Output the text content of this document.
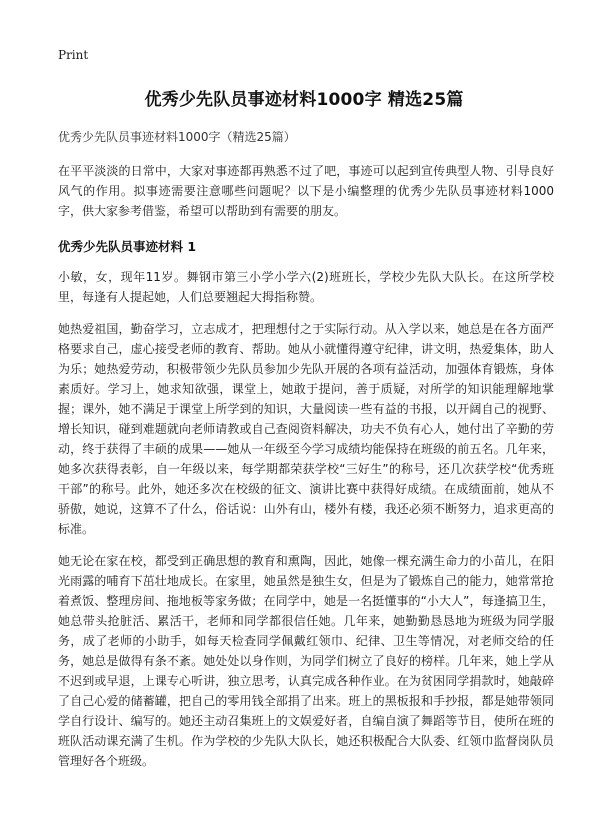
Print
优秀少先队员事迹材料1000字 精选25篇
优秀少先队员事迹材料1000字（精选25篇）

在平平淡淡的日常中，大家对事迹都再熟悉不过了吧，事迹可以起到宣传典型人物、引导良好风气的作用。拟事迹需要注意哪些问题呢？以下是小编整理的优秀少先队员事迹材料1000字，供大家参考借鉴，希望可以帮助到有需要的朋友。

优秀少先队员事迹材料 1

小敏，女，现年11岁。舞钢市第三小学小学六(2)班班长，学校少先队大队长。在这所学校里，每逢有人提起她，人们总要翘起大拇指称赞。

她热爱祖国，勤奋学习，立志成才，把理想付之于实际行动。从入学以来，她总是在各方面严格要求自己，虚心接受老师的教育、帮助。她从小就懂得遵守纪律，讲文明，热爱集体，助人为乐；她热爱劳动，积极带领少先队员参加少先队开展的各项有益活动，加强体育锻炼，身体素质好。学习上，她求知欲强，课堂上，她敢于提问，善于质疑，对所学的知识能理解地掌握；课外，她不满足于课堂上所学到的知识，大量阅读一些有益的书报，以开阔自己的视野、增长知识，碰到难题就向老师请教或自己查阅资料解决，功夫不负有心人，她付出了辛勤的劳动，终于获得了丰硕的成果——她从一年级至今学习成绩均能保持在班级的前五名。几年来，她多次获得表彰，自一年级以来，每学期都荣获学校“三好生”的称号，还几次获学校“优秀班干部”的称号。此外，她还多次在校级的征文、演讲比赛中获得好成绩。在成绩面前，她从不骄傲，她说，这算不了什么，俗话说：山外有山，楼外有楼，我还必须不断努力，追求更高的标准。

她无论在家在校，都受到正确思想的教育和熏陶，因此，她像一棵充满生命力的小苗儿，在阳光雨露的哺育下茁壮地成长。在家里，她虽然是独生女，但是为了锻炼自己的能力，她常常抢着煮饭、整理房间、拖地板等家务做；在同学中，她是一名挺懂事的“小大人”，每逢搞卫生，她总带头抢脏活、累活干，老师和同学都很信任她。几年来，她勤勤恳恳地为班级为同学服务，成了老师的小助手，如每天检查同学佩戴红领巾、纪律、卫生等情况，对老师交给的任务，她总是做得有条不紊。她处处以身作则，为同学们树立了良好的榜样。几年来，她上学从不迟到或早退，上课专心听讲，独立思考，认真完成各种作业。在为贫困同学捐款时，她敲碎了自己心爱的储蓄罐，把自己的零用钱全部捐了出来。班上的黑板报和手抄报，都是她带领同学自行设计、编写的。她还主动召集班上的文娱爱好者，自编自演了舞蹈等节目，使所在班的班队活动课充满了生机。作为学校的少先队大队长，她还积极配合大队委、红领巾监督岗队员管理好各个班级。
